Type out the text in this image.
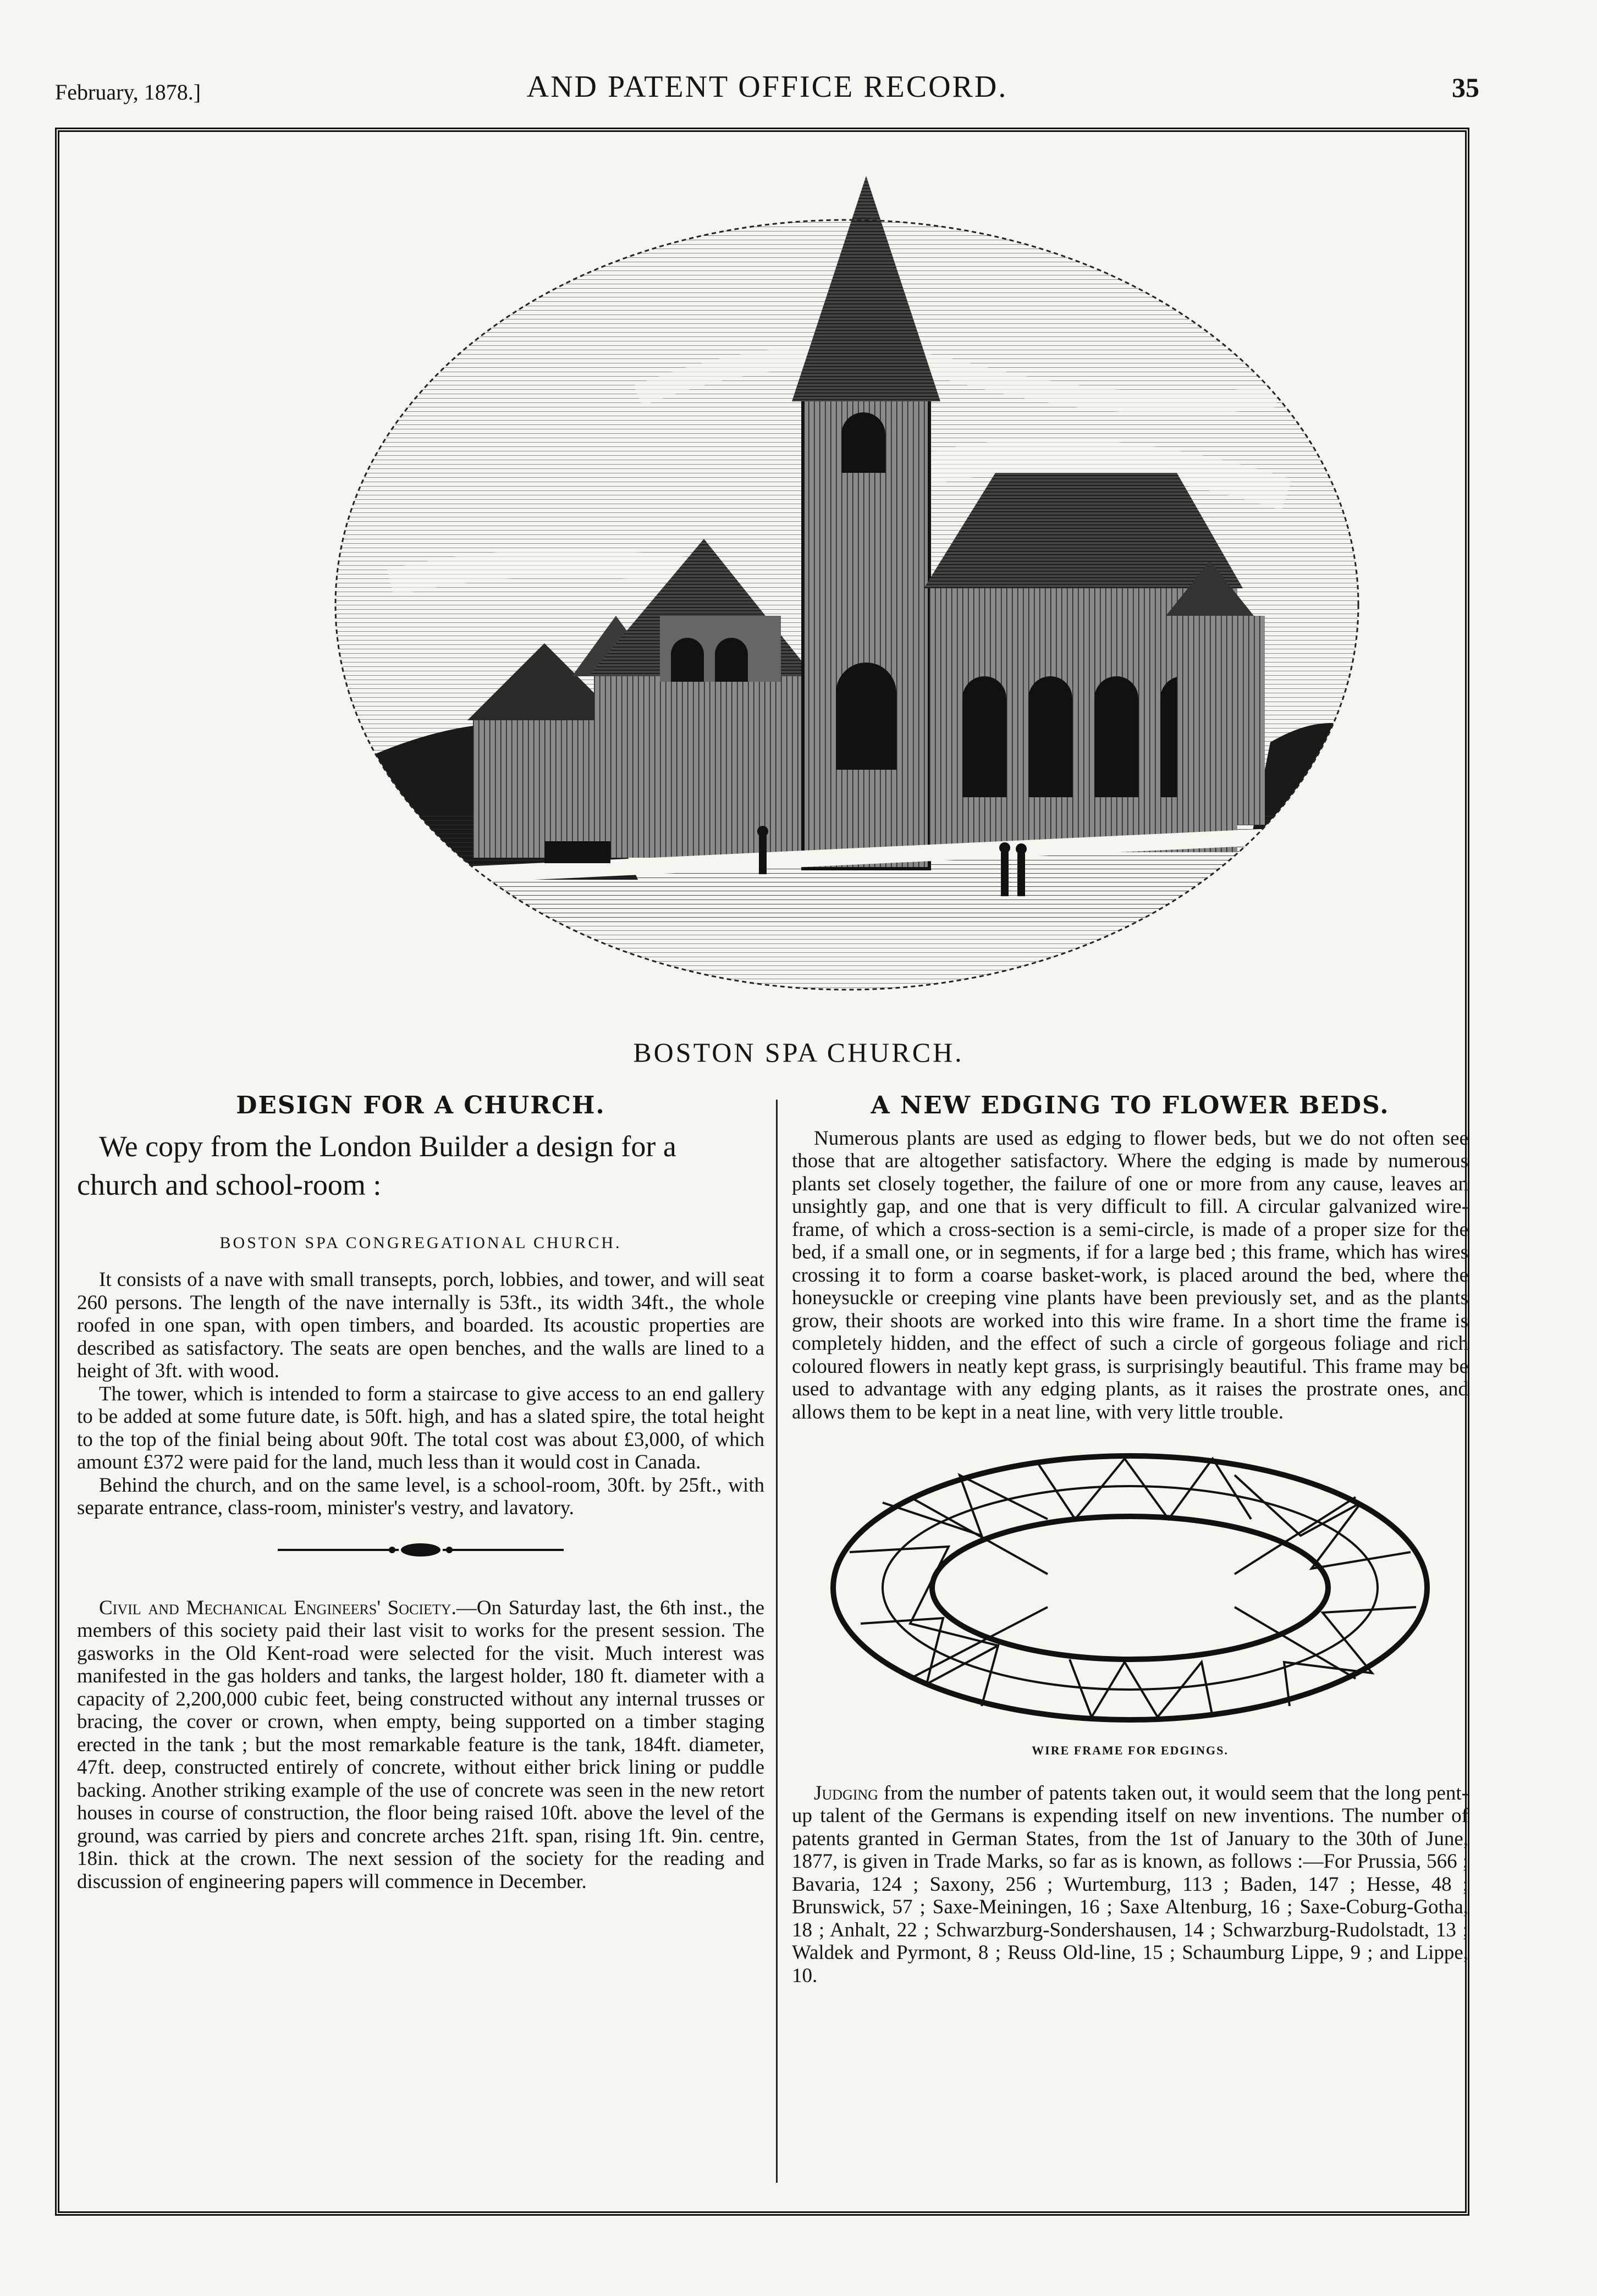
February, 1878.]	AND PATENT OFFICE RECORD.	35
BOSTON SPA CHURCH.
DESIGN FOR A CHURCH.

We copy from the London Builder a design for a church and school-room :

BOSTON SPA CONGREGATIONAL CHURCH.

It consists of a nave with small transepts, porch, lobbies, and tower, and will seat 260 persons. The length of the nave internally is 53ft., its width 34ft., the whole roofed in one span, with open timbers, and boarded. Its acoustic properties are described as satisfactory. The seats are open benches, and the walls are lined to a height of 3ft. with wood.

The tower, which is intended to form a staircase to give access to an end gallery to be added at some future date, is 50ft. high, and has a slated spire, the total height to the top of the finial being about 90ft. The total cost was about £3,000, of which amount £372 were paid for the land, much less than it would cost in Canada.

Behind the church, and on the same level, is a school-room, 30ft. by 25ft., with separate entrance, class-room, minister's vestry, and lavatory.

Civil and Mechanical Engineers' Society.—On Saturday last, the 6th inst., the members of this society paid their last visit to works for the present session. The gasworks in the Old Kent-road were selected for the visit. Much interest was manifested in the gas holders and tanks, the largest holder, 180 ft. diameter with a capacity of 2,200,000 cubic feet, being constructed without any internal trusses or bracing, the cover or crown, when empty, being supported on a timber staging erected in the tank ; but the most remarkable feature is the tank, 184ft. diameter, 47ft. deep, constructed entirely of concrete, without either brick lining or puddle backing. Another striking example of the use of concrete was seen in the new retort houses in course of construction, the floor being raised 10ft. above the level of the ground, was carried by piers and concrete arches 21ft. span, rising 1ft. 9in. centre, 18in. thick at the crown. The next session of the society for the reading and discussion of engineering papers will commence in December.

A NEW EDGING TO FLOWER BEDS.

Numerous plants are used as edging to flower beds, but we do not often see those that are altogether satisfactory. Where the edging is made by numerous plants set closely together, the failure of one or more from any cause, leaves an unsightly gap, and one that is very difficult to fill. A circular galvanized wire-frame, of which a cross-section is a semi-circle, is made of a proper size for the bed, if a small one, or in segments, if for a large bed ; this frame, which has wires crossing it to form a coarse basket-work, is placed around the bed, where the honeysuckle or creeping vine plants have been previously set, and as the plants grow, their shoots are worked into this wire frame. In a short time the frame is completely hidden, and the effect of such a circle of gorgeous foliage and rich coloured flowers in neatly kept grass, is surprisingly beautiful. This frame may be used to advantage with any edging plants, as it raises the prostrate ones, and allows them to be kept in a neat line, with very little trouble.

WIRE FRAME FOR EDGINGS.

Judging from the number of patents taken out, it would seem that the long pent-up talent of the Germans is expending itself on new inventions. The number of patents granted in German States, from the 1st of January to the 30th of June, 1877, is given in Trade Marks, so far as is known, as follows :—For Prussia, 566 ; Bavaria, 124 ; Saxony, 256 ; Wurtemburg, 113 ; Baden, 147 ; Hesse, 48 ; Brunswick, 57 ; Saxe-Meiningen, 16 ; Saxe Altenburg, 16 ; Saxe-Coburg-Gotha, 18 ; Anhalt, 22 ; Schwarzburg-Sondershausen, 14 ; Schwarzburg-Rudolstadt, 13 ; Waldek and Pyrmont, 8 ; Reuss Old-line, 15 ; Schaumburg Lippe, 9 ; and Lippe, 10.
